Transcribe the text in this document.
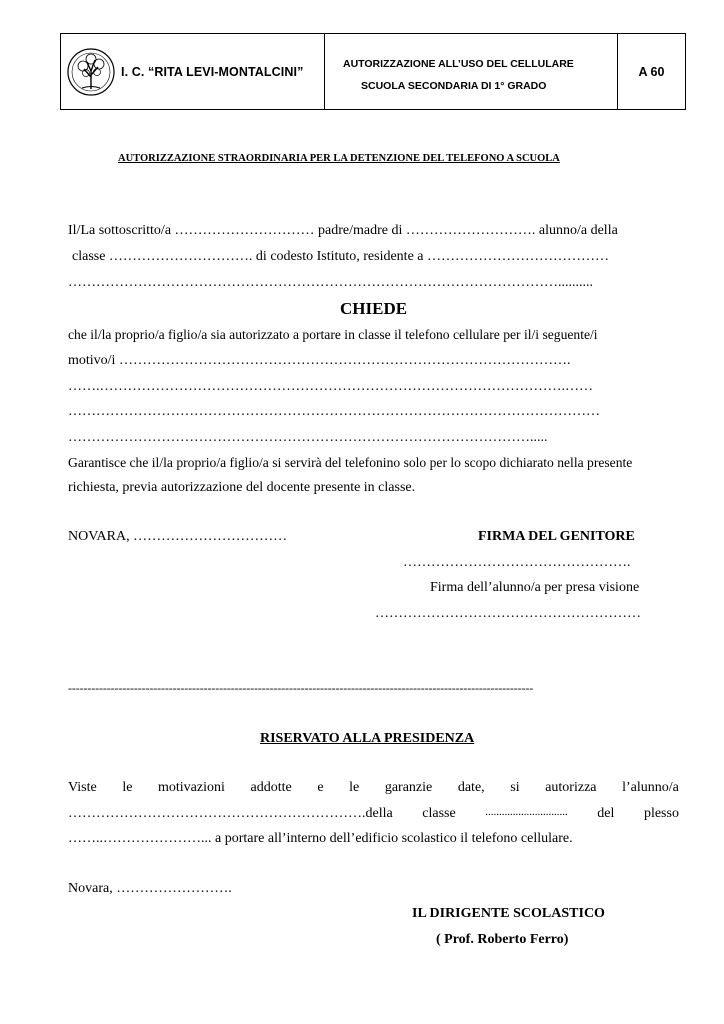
I. C. “RITA LEVI-MONTALCINI”
AUTORIZZAZIONE ALL’USO DEL CELLULARE
SCUOLA SECONDARIA DI 1° GRADO
A 60
AUTORIZZAZIONE STRAORDINARIA PER LA DETENZIONE DEL TELEFONO A SCUOLA
Il/La sottoscritto/a ………………………… padre/madre di ………………………. alunno/a della
classe …………………………. di codesto Istituto, residente a …………………………………
……………………………………………………………………………………………..........
CHIEDE
che il/la proprio/a figlio/a sia autorizzato a portare in classe il telefono cellulare per il/i seguente/i
motivo/i …………………………………………………………………………………….
…….……………………………………………………………………………………….……
……………………………………………………………………………………………………
……………………………………………………………………………………….....
Garantisce che il/la proprio/a figlio/a si servirà del telefonino solo per lo scopo dichiarato nella presente
richiesta, previa autorizzazione del docente presente in classe.
NOVARA, ……………………………	FIRMA DEL GENITORE
………………………………………….
Firma dell’alunno/a per presa visione
…………………………………………………
------------------------------------------------------------------------------------------------------------------------
RISERVATO ALLA PRESIDENZA
Viste le motivazioni addotte e le garanzie date, si autorizza l’alunno/a
……………………………………………………….della classe	.............................. del plesso
……..…………………... a portare all’interno dell’edificio scolastico il telefono cellulare.
Novara, …………………….
IL DIRIGENTE SCOLASTICO
( Prof. Roberto Ferro)
